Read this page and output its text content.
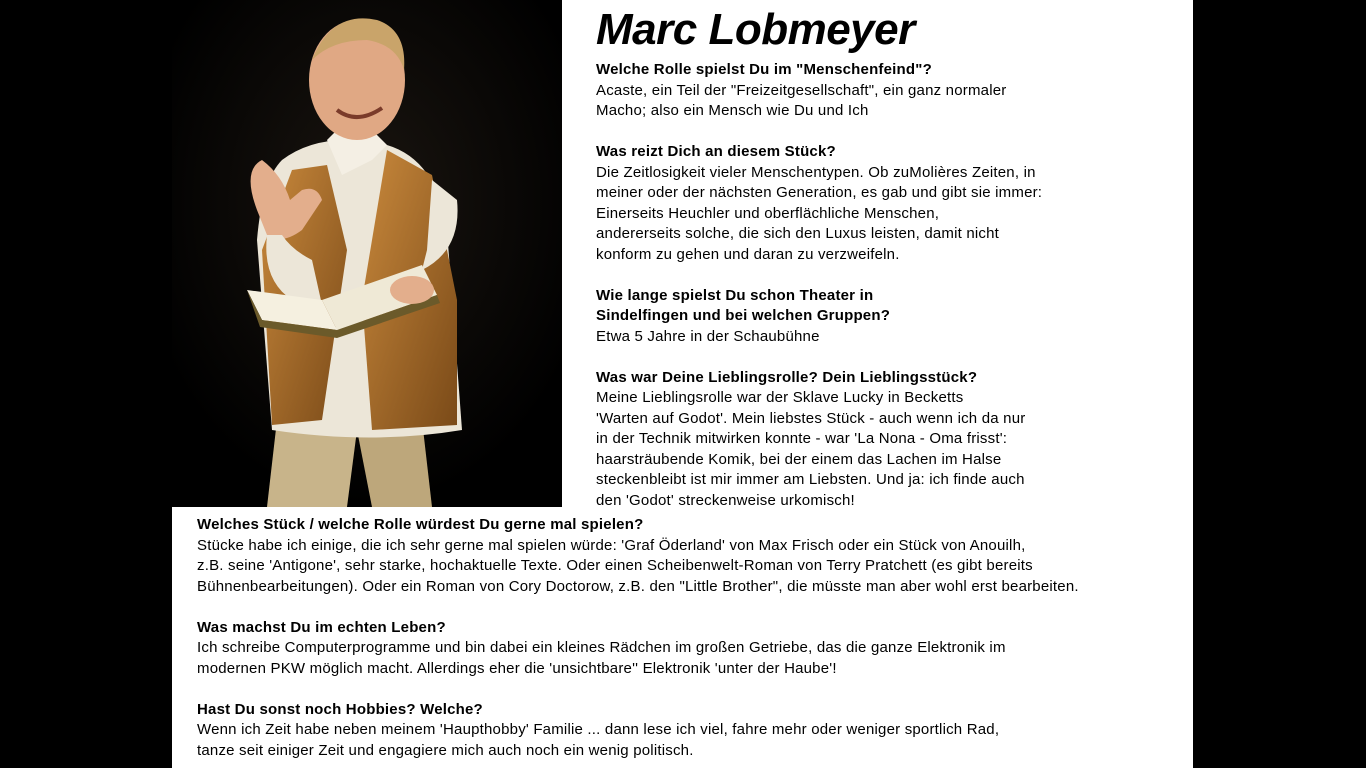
Marc Lobmeyer
Welche Rolle spielst Du im "Menschenfeind"?
Acaste, ein Teil der "Freizeitgesellschaft", ein ganz normaler
Macho; also ein Mensch wie Du und Ich
Was reizt Dich an diesem Stück?
Die Zeitlosigkeit vieler Menschentypen. Ob zuMolières Zeiten, in
meiner oder der nächsten Generation, es gab und gibt sie immer:
Einerseits Heuchler und oberflächliche Menschen,
andererseits solche, die sich den Luxus leisten, damit nicht
konform zu gehen und daran zu verzweifeln.
Wie lange spielst Du schon Theater in
Sindelfingen und bei welchen Gruppen?
Etwa 5 Jahre in der Schaubühne
Was war Deine Lieblingsrolle? Dein Lieblingsstück?
Meine Lieblingsrolle war der Sklave Lucky in Becketts
'Warten auf Godot'. Mein liebstes Stück - auch wenn ich da nur
in der Technik mitwirken konnte - war 'La Nona - Oma frisst':
haarsträubende Komik, bei der einem das Lachen im Halse
steckenbleibt ist mir immer am Liebsten. Und ja: ich finde auch
den 'Godot' streckenweise urkomisch!
Welches Stück / welche Rolle würdest Du gerne mal spielen?
Stücke habe ich einige, die ich sehr gerne mal spielen würde: 'Graf Öderland' von Max Frisch oder ein Stück von Anouilh,
z.B. seine 'Antigone', sehr starke, hochaktuelle Texte. Oder einen Scheibenwelt-Roman von Terry Pratchett (es gibt bereits
Bühnenbearbeitungen). Oder ein Roman von Cory Doctorow, z.B. den "Little Brother", die müsste man aber wohl erst bearbeiten.
Was machst Du im echten Leben?
Ich schreibe Computerprogramme und bin dabei ein kleines Rädchen im großen Getriebe, das die ganze Elektronik im
modernen PKW möglich macht. Allerdings eher die 'unsichtbare'' Elektronik 'unter der Haube'!
Hast Du sonst noch Hobbies? Welche?
Wenn ich Zeit habe neben meinem 'Haupthobby' Familie ... dann lese ich viel, fahre mehr oder weniger sportlich Rad,
tanze seit einiger Zeit und engagiere mich auch noch ein wenig politisch.
